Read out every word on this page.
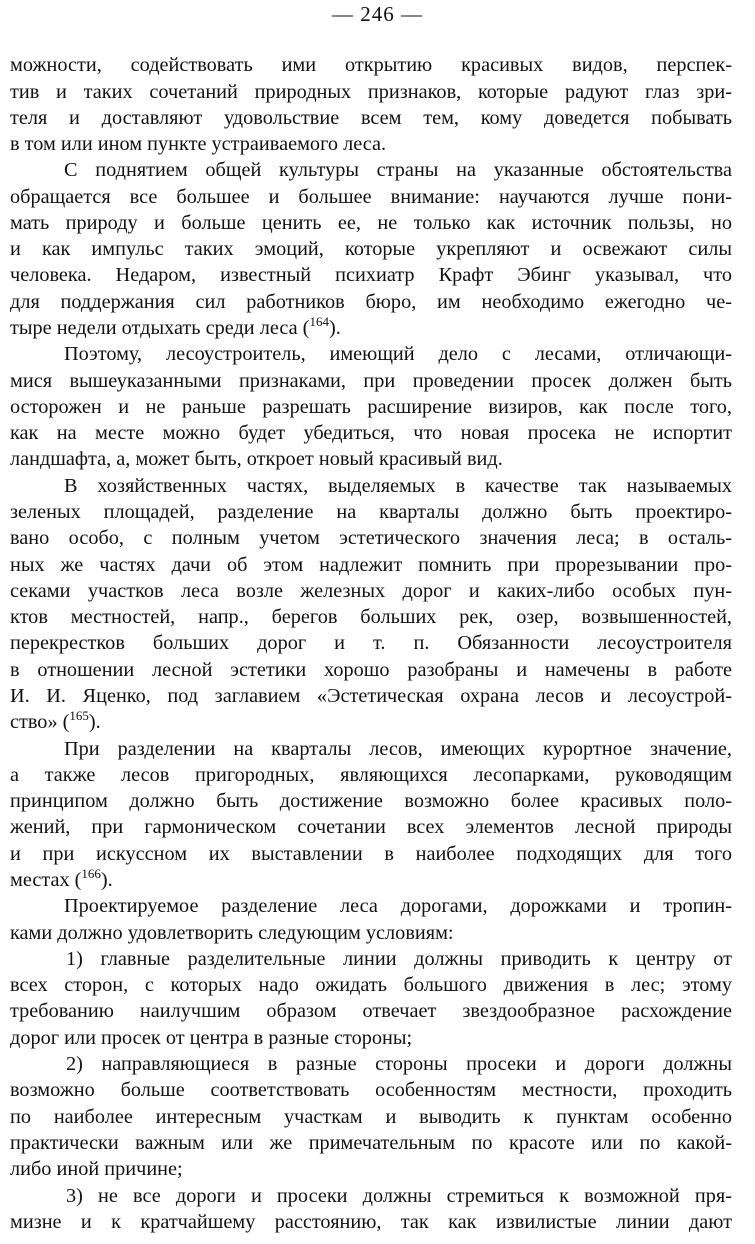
— 246 —
можности, содействовать ими открытию красивых видов, перспек-
тив и таких сочетаний природных признаков, которые радуют глаз зри-
теля и доставляют удовольствие всем тем, кому доведется побывать
в том или ином пункте устраиваемого леса.
С поднятием общей культуры страны на указанные обстоятельства
обращается все большее и большее внимание: научаются лучше пони-
мать природу и больше ценить ее, не только как источник пользы, но
и как импульс таких эмоций, которые укрепляют и освежают силы
человека. Недаром, известный психиатр Крафт Эбинг указывал, что
для поддержания сил работников бюро, им необходимо ежегодно че-
тыре недели отдыхать среди леса ($^{164}$).
Поэтому, лесоустроитель, имеющий дело с лесами, отличающи-
мися вышеуказанными признаками, при проведении просек должен быть
осторожен и не раньше разрешать расширение визиров, как после того,
как на месте можно будет убедиться, что новая просека не испортит
ландшафта, а, может быть, откроет новый красивый вид.
В хозяйственных частях, выделяемых в качестве так называемых
зеленых площадей, разделение на кварталы должно быть проектиро-
вано особо, с полным учетом эстетического значения леса; в осталь-
ных же частях дачи об этом надлежит помнить при прорезывании про-
секами участков леса возле железных дорог и каких-либо особых пун-
ктов местностей, напр., берегов больших рек, озер, возвышенностей,
перекрестков больших дорог и т. п. Обязанности лесоустроителя
в отношении лесной эстетики хорошо разобраны и намечены в работе
И. И. Яценко, под заглавием «Эстетическая охрана лесов и лесоустрой-
ство» ($^{165}$).
При разделении на кварталы лесов, имеющих курортное значение,
а также лесов пригородных, являющихся лесопарками, руководящим
принципом должно быть достижение возможно более красивых поло-
жений, при гармоническом сочетании всех элементов лесной природы
и при искуссном их выставлении в наиболее подходящих для того
местах ($^{166}$).
Проектируемое разделение леса дорогами, дорожками и тропин-
ками должно удовлетворить следующим условиям:
1) главные разделительные линии должны приводить к центру от
всех сторон, с которых надо ожидать большого движения в лес; этому
требованию наилучшим образом отвечает звездообразное расхождение
дорог или просек от центра в разные стороны;
2) направляющиеся в разные стороны просеки и дороги должны
возможно больше соответствовать особенностям местности, проходить
по наиболее интересным участкам и выводить к пунктам особенно
практически важным или же примечательным по красоте или по какой-
либо иной причине;
3) не все дороги и просеки должны стремиться к возможной пря-
мизне и к кратчайшему расстоянию, так как извилистые линии дают
